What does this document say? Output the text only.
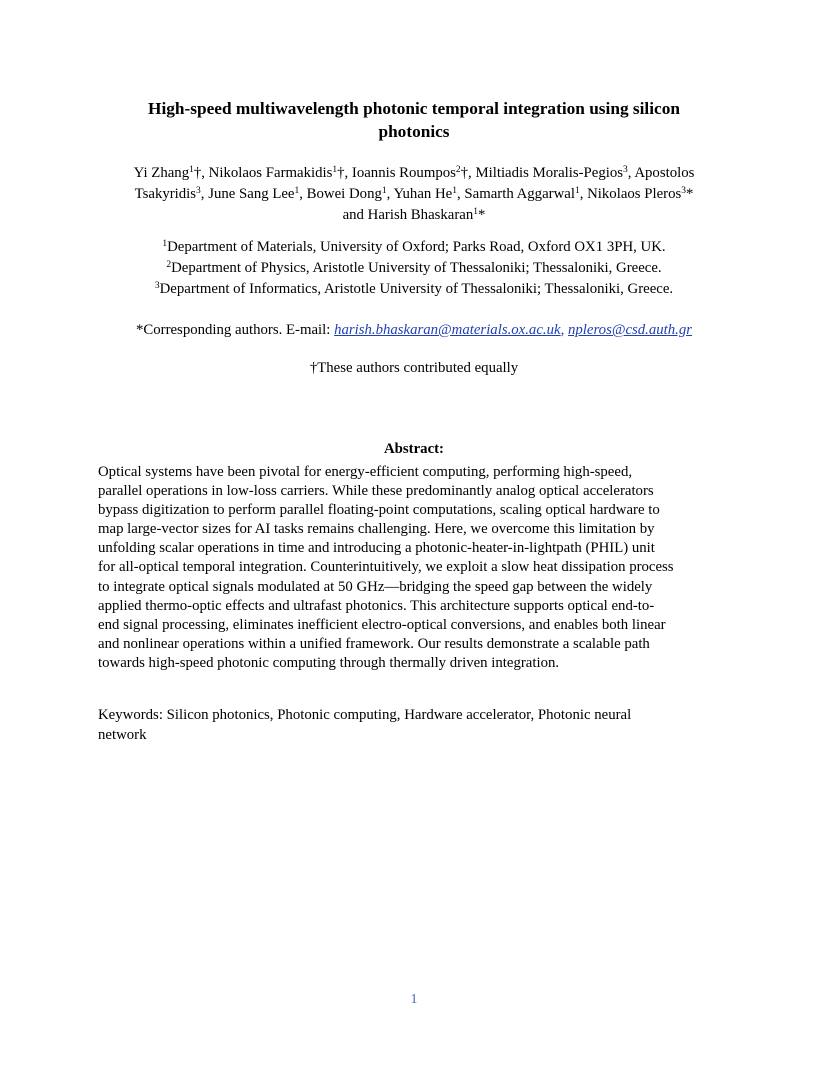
High-speed multiwavelength photonic temporal integration using silicon
photonics
Yi Zhang$^1$†, Nikolaos Farmakidis$^1$†, Ioannis Roumpos$^2$†, Miltiadis Moralis-Pegios$^3$, Apostolos
Tsakyridis$^3$, June Sang Lee$^1$, Bowei Dong$^1$, Yuhan He$^1$, Samarth Aggarwal$^1$, Nikolaos Pleros$^3$*
and Harish Bhaskaran$^1$*
$^1$Department of Materials, University of Oxford; Parks Road, Oxford OX1 3PH, UK.
$^2$Department of Physics, Aristotle University of Thessaloniki; Thessaloniki, Greece.
$^3$Department of Informatics, Aristotle University of Thessaloniki; Thessaloniki, Greece.
*Corresponding authors. E-mail: harish.bhaskaran@materials.ox.ac.uk, npleros@csd.auth.gr
†These authors contributed equally
Abstract:
Optical systems have been pivotal for energy-efficient computing, performing high-speed,
parallel operations in low-loss carriers. While these predominantly analog optical accelerators
bypass digitization to perform parallel floating-point computations, scaling optical hardware to
map large-vector sizes for AI tasks remains challenging. Here, we overcome this limitation by
unfolding scalar operations in time and introducing a photonic-heater-in-lightpath (PHIL) unit
for all-optical temporal integration. Counterintuitively, we exploit a slow heat dissipation process
to integrate optical signals modulated at 50 GHz—bridging the speed gap between the widely
applied thermo-optic effects and ultrafast photonics. This architecture supports optical end-to-
end signal processing, eliminates inefficient electro-optical conversions, and enables both linear
and nonlinear operations within a unified framework. Our results demonstrate a scalable path
towards high-speed photonic computing through thermally driven integration.
Keywords: Silicon photonics, Photonic computing, Hardware accelerator, Photonic neural
network
1
